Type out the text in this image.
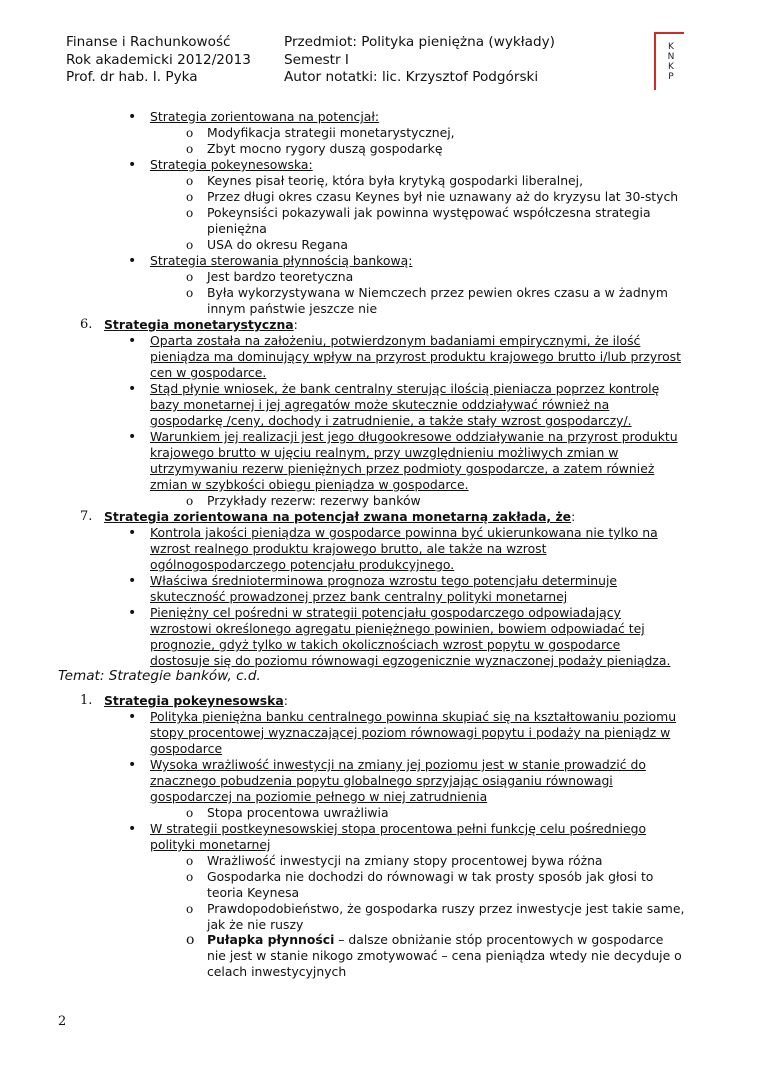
Finanse i Rachunkowość
Rok akademicki 2012/2013
Prof. dr hab. I. Pyka
Przedmiot: Polityka pieniężna (wykłady)
Semestr I
Autor notatki: lic. Krzysztof Podgórski
K
N
K
P
• Strategia zorientowana na potencjał:
o Modyfikacja strategii monetarystycznej,
o Zbyt mocno rygory duszą gospodarkę
• Strategia pokeynesowska:
o Keynes pisał teorię, która była krytyką gospodarki liberalnej,
o Przez długi okres czasu Keynes był nie uznawany aż do kryzysu lat 30-stych
o Pokeynsiści pokazywali jak powinna występować współczesna strategia
pieniężna
o USA do okresu Regana
• Strategia sterowania płynnością bankową:
o Jest bardzo teoretyczna
o Była wykorzystywana w Niemczech przez pewien okres czasu a w żadnym
innym państwie jeszcze nie
6. Strategia monetarystyczna:
• Oparta została na założeniu, potwierdzonym badaniami empirycznymi, że ilość
pieniądza ma dominujący wpływ na przyrost produktu krajowego brutto i/lub przyrost
cen w gospodarce.
• Stąd płynie wniosek, że bank centralny sterując ilością pieniacza poprzez kontrolę
bazy monetarnej i jej agregatów może skutecznie oddziaływać również na
gospodarkę /ceny, dochody i zatrudnienie, a także stały wzrost gospodarczy/.
• Warunkiem jej realizacji jest jego długookresowe oddziaływanie na przyrost produktu
krajowego brutto w ujęciu realnym, przy uwzględnieniu możliwych zmian w
utrzymywaniu rezerw pieniężnych przez podmioty gospodarcze, a zatem również
zmian w szybkości obiegu pieniądza w gospodarce.
o Przykłady rezerw: rezerwy banków
7. Strategia zorientowana na potencjał zwana monetarną zakłada, że:
• Kontrola jakości pieniądza w gospodarce powinna być ukierunkowana nie tylko na
wzrost realnego produktu krajowego brutto, ale także na wzrost
ogólnogospodarczego potencjału produkcyjnego.
• Właściwa średnioterminowa prognoza wzrostu tego potencjału determinuje
skuteczność prowadzonej przez bank centralny polityki monetarnej
• Pieniężny cel pośredni w strategii potencjału gospodarczego odpowiadający
wzrostowi określonego agregatu pieniężnego powinien, bowiem odpowiadać tej
prognozie, gdyż tylko w takich okolicznościach wzrost popytu w gospodarce
dostosuje się do poziomu równowagi egzogenicznie wyznaczonej podaży pieniądza.
Temat: Strategie banków, c.d.
1. Strategia pokeynesowska:
• Polityka pieniężna banku centralnego powinna skupiać się na kształtowaniu poziomu
stopy procentowej wyznaczającej poziom równowagi popytu i podaży na pieniądz w
gospodarce
• Wysoka wrażliwość inwestycji na zmiany jej poziomu jest w stanie prowadzić do
znacznego pobudzenia popytu globalnego sprzyjając osiąganiu równowagi
gospodarczej na poziomie pełnego w niej zatrudnienia
o Stopa procentowa uwrażliwia
• W strategii postkeynesowskiej stopa procentowa pełni funkcję celu pośredniego
polityki monetarnej
o Wrażliwość inwestycji na zmiany stopy procentowej bywa różna
o Gospodarka nie dochodzi do równowagi w tak prosty sposób jak głosi to
teoria Keynesa
o Prawdopodobieństwo, że gospodarka ruszy przez inwestycje jest takie same,
jak że nie ruszy
o Pułapka płynności – dalsze obniżanie stóp procentowych w gospodarce
nie jest w stanie nikogo zmotywować – cena pieniądza wtedy nie decyduje o
celach inwestycyjnych
2
